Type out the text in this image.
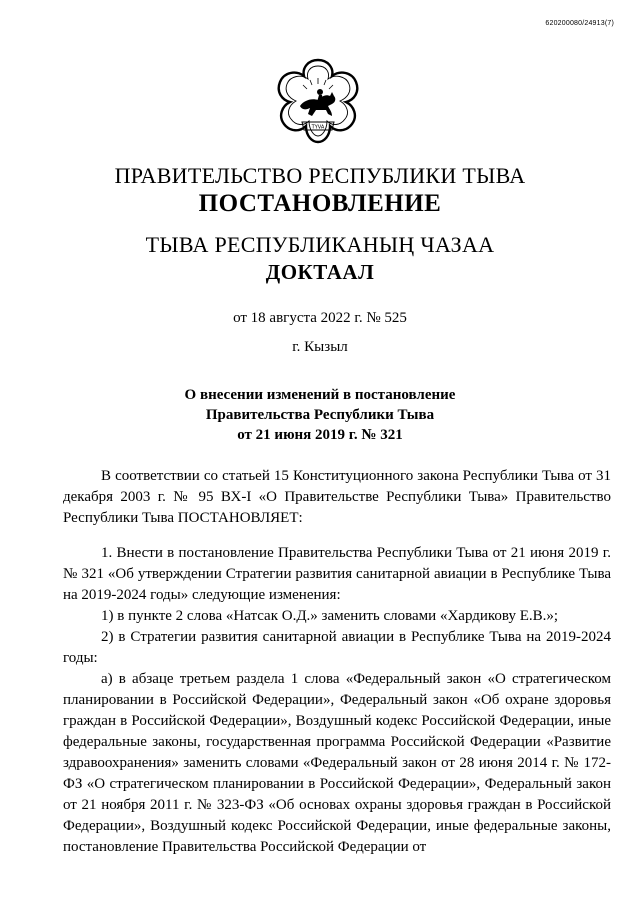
620200080/24913(7)
TYVA
ПРАВИТЕЛЬСТВО РЕСПУБЛИКИ ТЫВА
ПОСТАНОВЛЕНИЕ
ТЫВА РЕСПУБЛИКАНЫҢ ЧАЗАА
ДОКТААЛ
от 18 августа 2022 г. № 525
г. Кызыл
О внесении изменений в постановление
Правительства Республики Тыва
от 21 июня 2019 г. № 321

В соответствии со статьей 15 Конституционного закона Республики Тыва от 31 декабря 2003 г. № 95 ВХ-I «О Правительстве Республики Тыва» Правительство Республики Тыва ПОСТАНОВЛЯЕТ:

1. Внести в постановление Правительства Республики Тыва от 21 июня 2019 г. № 321 «Об утверждении Стратегии развития санитарной авиации в Республике Тыва на 2019-2024 годы» следующие изменения:

1) в пункте 2 слова «Натсак О.Д.» заменить словами «Хардикову Е.В.»;

2) в Стратегии развития санитарной авиации в Республике Тыва на 2019-2024 годы:

а) в абзаце третьем раздела 1 слова «Федеральный закон «О стратегическом планировании в Российской Федерации», Федеральный закон «Об охране здоровья граждан в Российской Федерации», Воздушный кодекс Российской Федерации, иные федеральные законы, государственная программа Российской Федерации «Развитие здравоохранения» заменить словами «Федеральный закон от 28 июня 2014 г. № 172-ФЗ «О стратегическом планировании в Российской Федерации», Федеральный закон от 21 ноября 2011 г. № 323-ФЗ «Об основах охраны здоровья граждан в Российской Федерации», Воздушный кодекс Российской Федерации, иные федеральные законы, постановление Правительства Российской Федерации от
